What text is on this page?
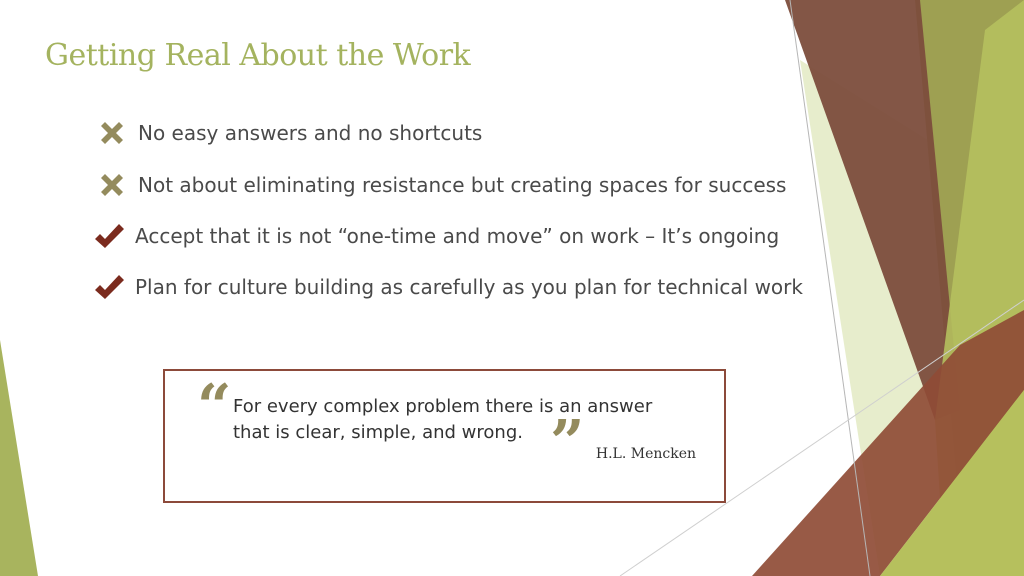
Getting Real About the Work
No easy answers and no shortcuts
Not about eliminating resistance but creating spaces for success
Accept that it is not “one-time and move” on work – It’s ongoing
Plan for culture building as carefully as you plan for technical work
“ For every complex problem there is an answer
that is clear, simple, and wrong. ” H.L. Mencken
